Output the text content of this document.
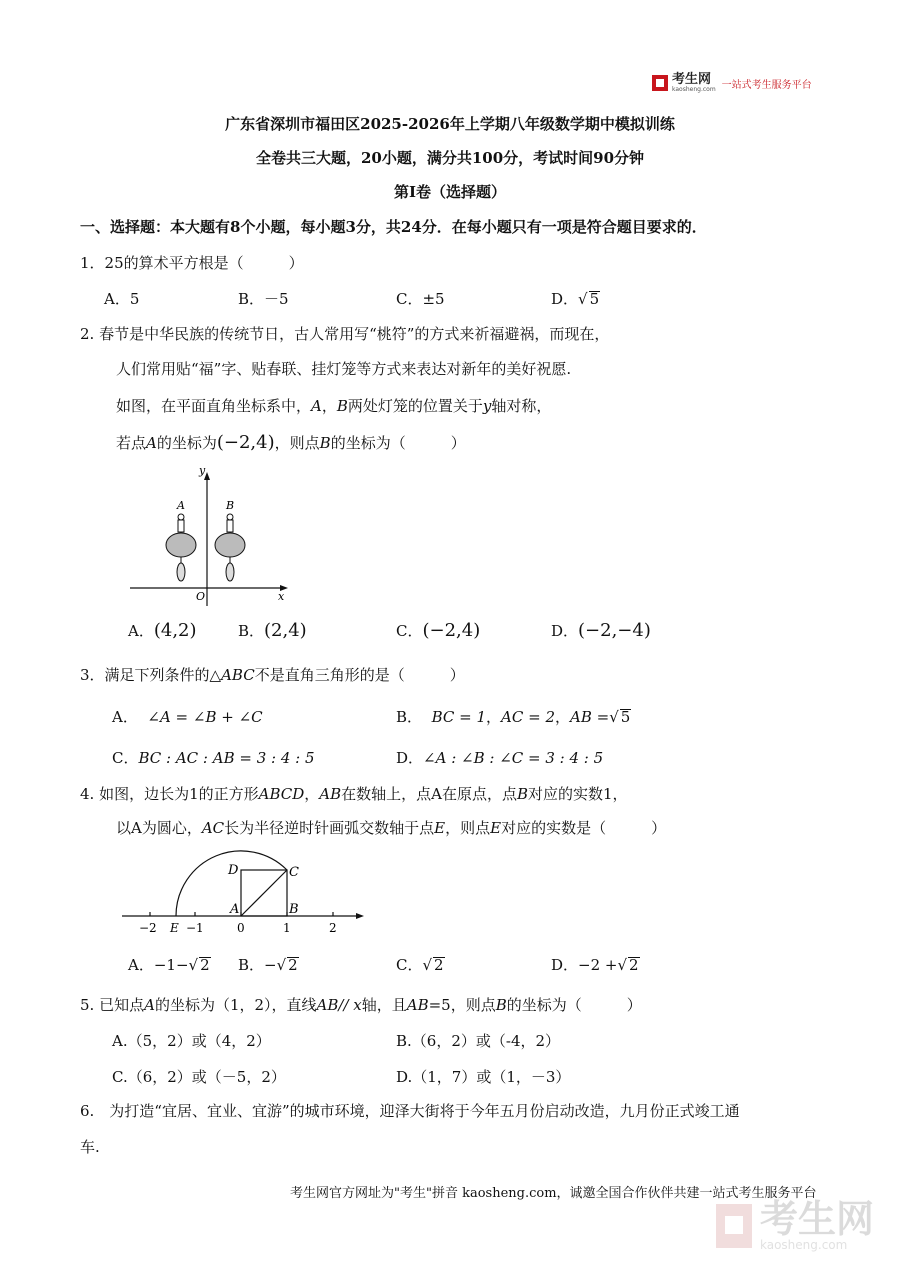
考生网
kaosheng.com 一站式考生服务平台
广东省深圳市福田区2025-2026年上学期八年级数学期中模拟训练
全卷共三大题，20小题，满分共100分，考试时间90分钟
第Ⅰ卷（选择题）
一、选择题：本大题有8个小题，每小题3分，共24分．在每小题只有一项是符合题目要求的．
1．25的算术平方根是（　　　）
A．5	B．－5	C．±5	D．√ 5
2. 春节是中华民族的传统节日，古人常用写“桃符”的方式来祈福避祸，而现在，
人们常用贴“福”字、贴春联、挂灯笼等方式来表达对新年的美好祝愿.
如图，在平面直角坐标系中，A，B两处灯笼的位置关于y轴对称，
若点A的坐标为(−2,4)，则点B的坐标为（　　　）
y
x
O
A	B
A．(4,2)	B．(2,4)	C．(−2,4)	D．(−2,−4)
3．满足下列条件的△ABC不是直角三角形的是（　　　）
A． ∠A = ∠B + ∠C	B． BC = 1，AC = 2，AB =√ 5
C．BC : AC : AB = 3 : 4 : 5	D．∠A : ∠B : ∠C = 3 : 4 : 5
4. 如图，边长为1的正方形ABCD，AB在数轴上，点A在原点，点B对应的实数1，
以A为圆心，AC长为半径逆时针画弧交数轴于点E，则点E对应的实数是（　　　）
D	C
A	B
−2 E −1	0	1	2
A．−1−√ 2 B．−√ 2	C．√ 2	D．−2 +√ 2
5. 已知点A的坐标为（1，2），直线AB// x轴，且AB=5，则点B的坐标为（　　　）
A.（5，2）或（4，2）	B.（6，2）或（-4，2）
C.（6，2）或（－5，2）	D.（1，7）或（1，－3）
6.　为打造“宜居、宜业、宜游”的城市环境，迎泽大街将于今年五月份启动改造，九月份正式竣工通
车.
考生网官方网址为"考生"拼音 kaosheng.com，诚邀全国合作伙伴共建一站式考生服务平台
考生网
kaosheng.com
